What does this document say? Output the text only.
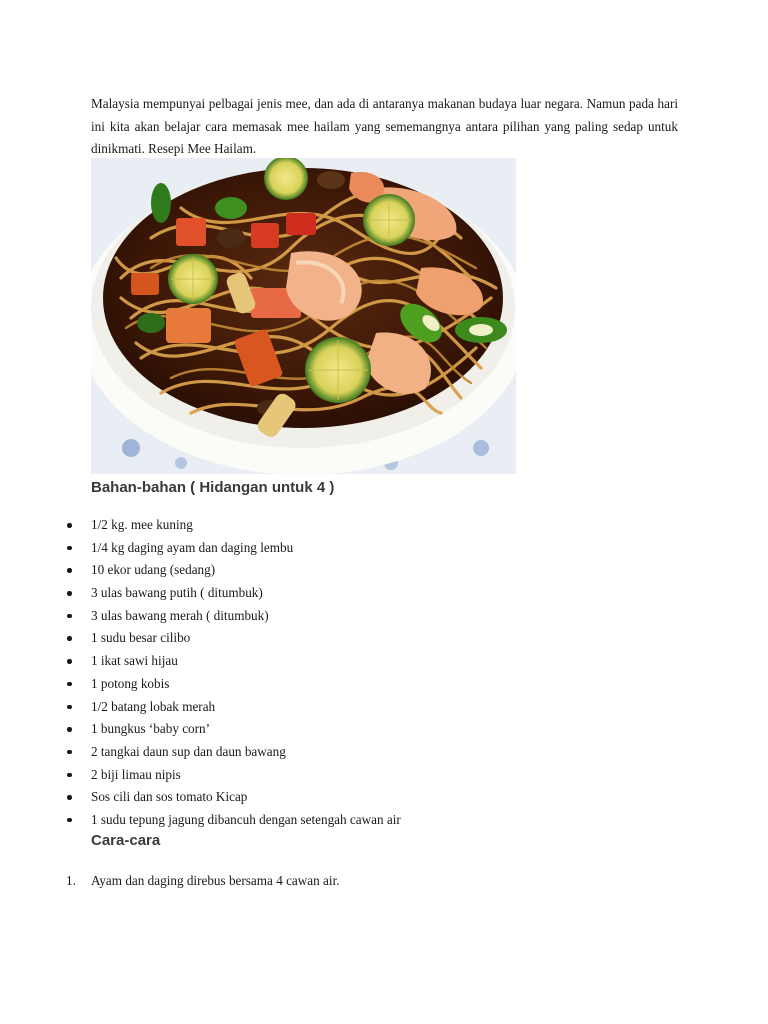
Malaysia mempunyai pelbagai jenis mee, dan ada di antaranya makanan budaya luar negara. Namun pada hari ini kita akan belajar cara memasak mee hailam yang sememangnya antara pilihan yang paling sedap untuk dinikmati. Resepi Mee Hailam.

Bahan-bahan ( Hidangan untuk 4 )
1/2 kg. mee kuning
1/4 kg daging ayam dan daging lembu
10 ekor udang (sedang)
3 ulas bawang putih ( ditumbuk)
3 ulas bawang merah ( ditumbuk)
1 sudu besar cilibo
1 ikat sawi hijau
1 potong kobis
1/2 batang lobak merah
1 bungkus ‘baby corn’
2 tangkai daun sup dan daun bawang
2 biji limau nipis
Sos cili dan sos tomato Kicap
1 sudu tepung jagung dibancuh dengan setengah cawan air
Cara-cara
1. Ayam dan daging direbus bersama 4 cawan air.
